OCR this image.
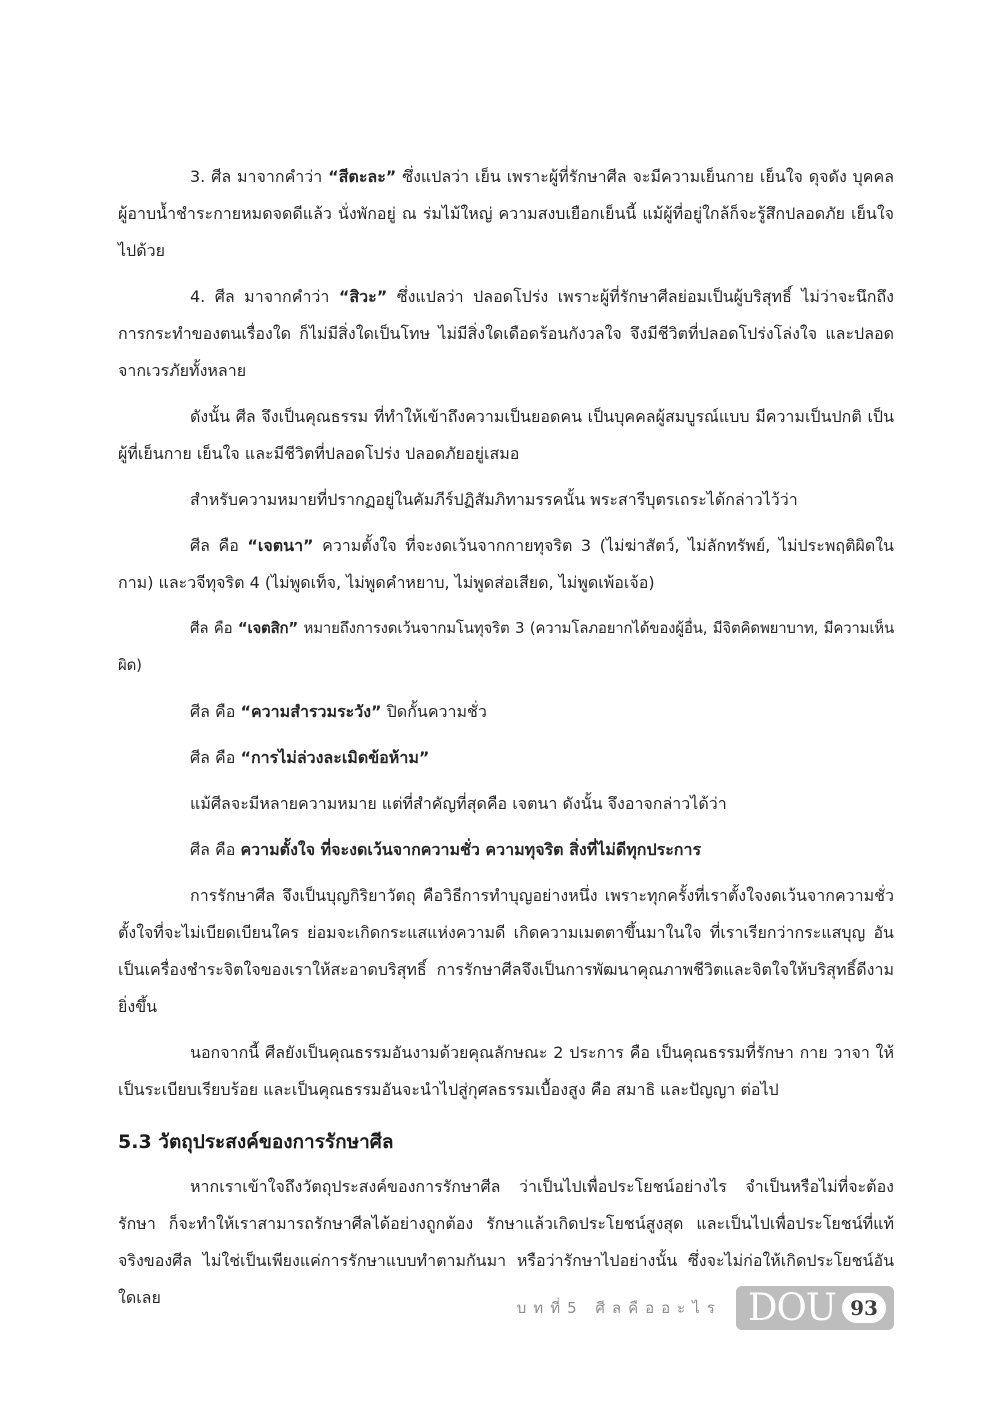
3. ศีล มาจากคำว่า “สีตะละ” ซึ่งแปลว่า เย็น เพราะผู้ที่รักษาศีล จะมีความเย็นกาย เย็นใจ ดุจดัง บุคคลผู้อาบน้ำชำระกายหมดจดดีแล้ว นั่งพักอยู่ ณ ร่มไม้ใหญ่ ความสงบเยือกเย็นนี้ แม้ผู้ที่อยู่ใกล้ก็จะรู้สึกปลอดภัย เย็นใจไปด้วย

4. ศีล มาจากคำว่า “สิวะ” ซึ่งแปลว่า ปลอดโปร่ง เพราะผู้ที่รักษาศีลย่อมเป็นผู้บริสุทธิ์ ไม่ว่าจะนึกถึงการกระทำของตนเรื่องใด ก็ไม่มีสิ่งใดเป็นโทษ ไม่มีสิ่งใดเดือดร้อนกังวลใจ จึงมีชีวิตที่ปลอดโปร่งโล่งใจ และปลอดจากเวรภัยทั้งหลาย

ดังนั้น ศีล จึงเป็นคุณธรรม ที่ทำให้เข้าถึงความเป็นยอดคน เป็นบุคคลผู้สมบูรณ์แบบ มีความเป็นปกติ เป็นผู้ที่เย็นกาย เย็นใจ และมีชีวิตที่ปลอดโปร่ง ปลอดภัยอยู่เสมอ

สำหรับความหมายที่ปรากฏอยู่ในคัมภีร์ปฏิสัมภิทามรรคนั้น พระสารีบุตรเถระได้กล่าวไว้ว่า

ศีล คือ “เจตนา” ความตั้งใจ ที่จะงดเว้นจากกายทุจริต 3 (ไม่ฆ่าสัตว์, ไม่ลักทรัพย์, ไม่ประพฤติผิดในกาม) และวจีทุจริต 4 (ไม่พูดเท็จ, ไม่พูดคำหยาบ, ไม่พูดส่อเสียด, ไม่พูดเพ้อเจ้อ)

ศีล คือ “เจตสิก” หมายถึงการงดเว้นจากมโนทุจริต 3 (ความโลภอยากได้ของผู้อื่น, มีจิตคิดพยาบาท, มีความเห็นผิด)

ศีล คือ “ความสำรวมระวัง” ปิดกั้นความชั่ว

ศีล คือ “การไม่ล่วงละเมิดข้อห้าม”

แม้ศีลจะมีหลายความหมาย แต่ที่สำคัญที่สุดคือ เจตนา ดังนั้น จึงอาจกล่าวได้ว่า

ศีล คือ ความตั้งใจ ที่จะงดเว้นจากความชั่ว ความทุจริต สิ่งที่ไม่ดีทุกประการ

การรักษาศีล จึงเป็นบุญกิริยาวัตถุ คือวิธีการทำบุญอย่างหนึ่ง เพราะทุกครั้งที่เราตั้งใจงดเว้นจากความชั่ว ตั้งใจที่จะไม่เบียดเบียนใคร ย่อมจะเกิดกระแสแห่งความดี เกิดความเมตตาขึ้นมาในใจ ที่เราเรียกว่ากระแสบุญ อันเป็นเครื่องชำระจิตใจของเราให้สะอาดบริสุทธิ์ การรักษาศีลจึงเป็นการพัฒนาคุณภาพชีวิตและจิตใจให้บริสุทธิ์ดีงามยิ่งขึ้น

นอกจากนี้ ศีลยังเป็นคุณธรรมอันงามด้วยคุณลักษณะ 2 ประการ คือ เป็นคุณธรรมที่รักษา กาย วาจา ให้เป็นระเบียบเรียบร้อย และเป็นคุณธรรมอันจะนำไปสู่กุศลธรรมเบื้องสูง คือ สมาธิ และปัญญา ต่อไป

5.3 วัตถุประสงค์ของการรักษาศีล

หากเราเข้าใจถึงวัตถุประสงค์ของการรักษาศีล ว่าเป็นไปเพื่อประโยชน์อย่างไร จำเป็นหรือไม่ที่จะต้องรักษา ก็จะทำให้เราสามารถรักษาศีลได้อย่างถูกต้อง รักษาแล้วเกิดประโยชน์สูงสุด และเป็นไปเพื่อประโยชน์ที่แท้จริงของศีล ไม่ใช่เป็นเพียงแค่การรักษาแบบทำตามกันมา หรือว่ารักษาไปอย่างนั้น ซึ่งจะไม่ก่อให้เกิดประโยชน์อันใดเลย

บทที่5 ศีลคืออะไร DOU 93
